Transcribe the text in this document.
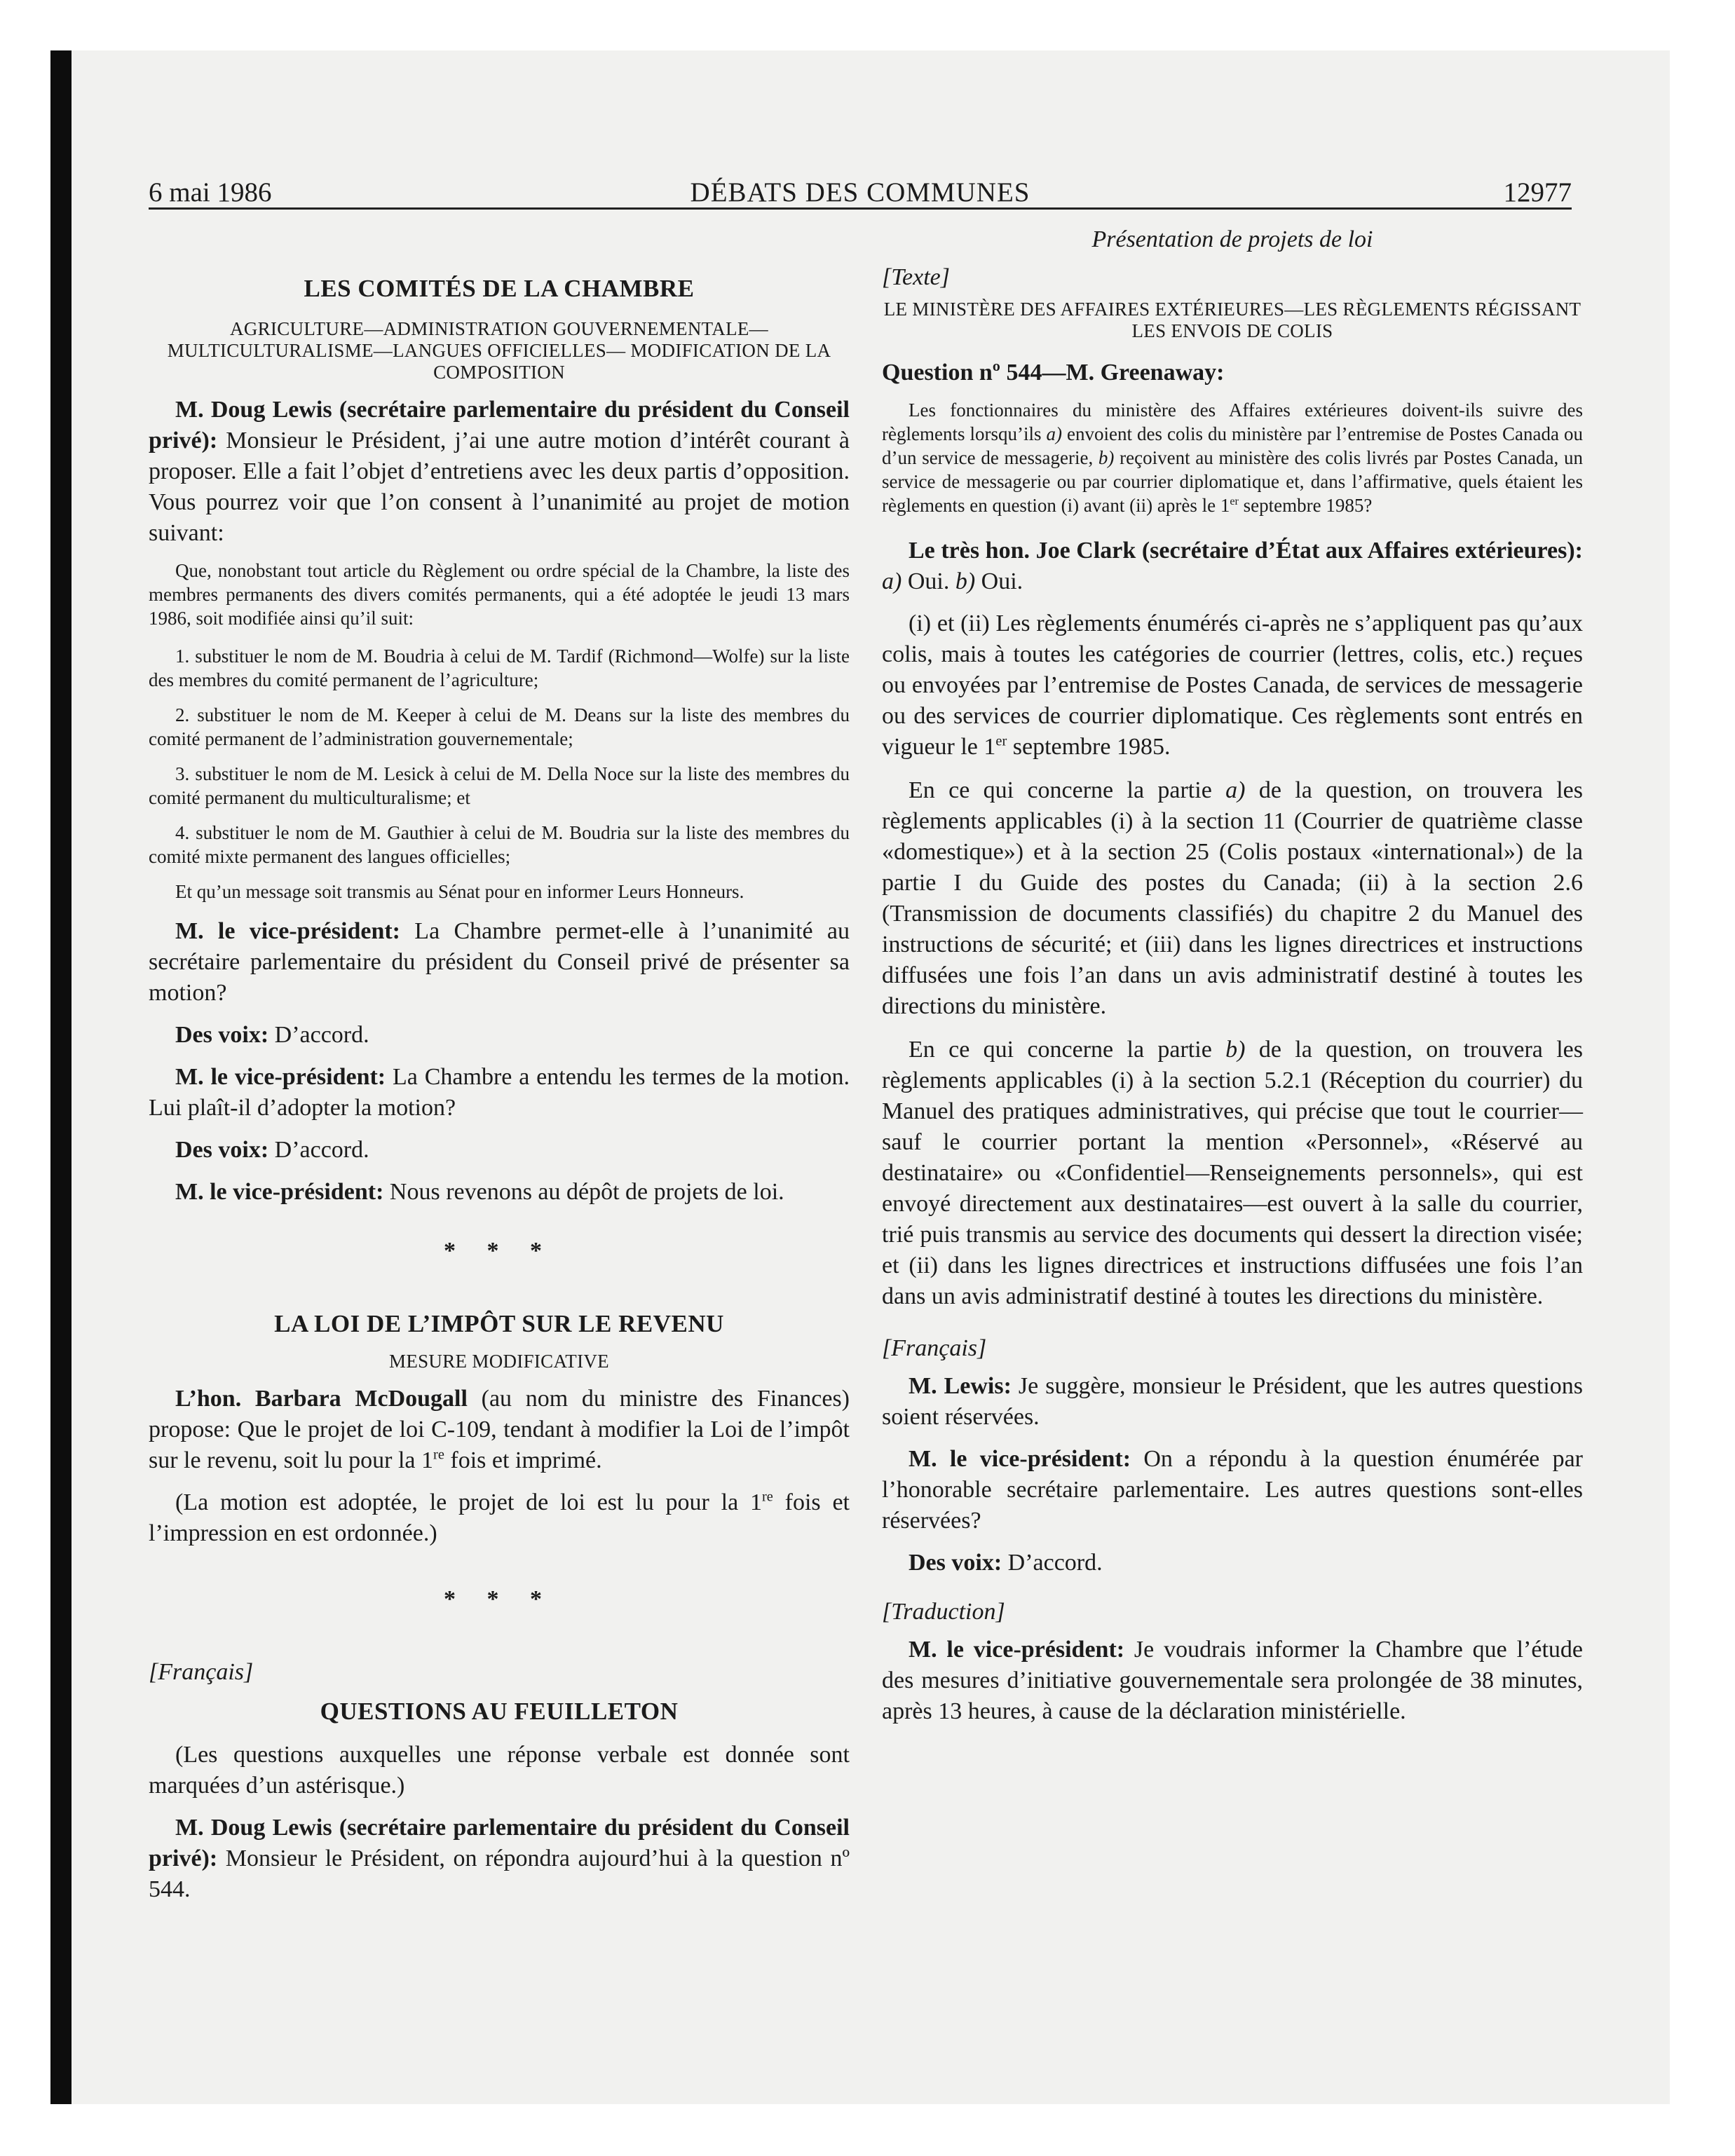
6 mai 1986	DÉBATS DES COMMUNES	12977
LES COMITÉS DE LA CHAMBRE
AGRICULTURE—ADMINISTRATION GOUVERNEMENTALE— MULTICULTURALISME—LANGUES OFFICIELLES— MODIFICATION DE LA COMPOSITION

M. Doug Lewis (secrétaire parlementaire du président du Conseil privé): Monsieur le Président, j’ai une autre motion d’intérêt courant à proposer. Elle a fait l’objet d’entretiens avec les deux partis d’opposition. Vous pourrez voir que l’on consent à l’unanimité au projet de motion suivant:

Que, nonobstant tout article du Règlement ou ordre spécial de la Chambre, la liste des membres permanents des divers comités permanents, qui a été adoptée le jeudi 13 mars 1986, soit modifiée ainsi qu’il suit:

1. substituer le nom de M. Boudria à celui de M. Tardif (Richmond—Wolfe) sur la liste des membres du comité permanent de l’agriculture;

2. substituer le nom de M. Keeper à celui de M. Deans sur la liste des membres du comité permanent de l’administration gouvernementale;

3. substituer le nom de M. Lesick à celui de M. Della Noce sur la liste des membres du comité permanent du multiculturalisme; et

4. substituer le nom de M. Gauthier à celui de M. Boudria sur la liste des membres du comité mixte permanent des langues officielles;

Et qu’un message soit transmis au Sénat pour en informer Leurs Honneurs.

M. le vice-président: La Chambre permet-elle à l’unanimité au secrétaire parlementaire du président du Conseil privé de présenter sa motion?

Des voix: D’accord.

M. le vice-président: La Chambre a entendu les termes de la motion. Lui plaît-il d’adopter la motion?

Des voix: D’accord.

M. le vice-président: Nous revenons au dépôt de projets de loi.

* * *
LA LOI DE L’IMPÔT SUR LE REVENU
MESURE MODIFICATIVE

L’hon. Barbara McDougall (au nom du ministre des Finances) propose: Que le projet de loi C-109, tendant à modifier la Loi de l’impôt sur le revenu, soit lu pour la 1re fois et imprimé.

(La motion est adoptée, le projet de loi est lu pour la 1re fois et l’impression en est ordonnée.)

* * *
[Français]
QUESTIONS AU FEUILLETON

(Les questions auxquelles une réponse verbale est donnée sont marquées d’un astérisque.)

M. Doug Lewis (secrétaire parlementaire du président du Conseil privé): Monsieur le Président, on répondra aujourd’hui à la question nº 544.

Présentation de projets de loi
[Texte]
LE MINISTÈRE DES AFFAIRES EXTÉRIEURES—LES RÈGLEMENTS RÉGISSANT LES ENVOIS DE COLIS

Question nº 544—M. Greenaway:

Les fonctionnaires du ministère des Affaires extérieures doivent-ils suivre des règlements lorsqu’ils a) envoient des colis du ministère par l’entremise de Postes Canada ou d’un service de messagerie, b) reçoivent au ministère des colis livrés par Postes Canada, un service de messagerie ou par courrier diplomatique et, dans l’affirmative, quels étaient les règlements en question (i) avant (ii) après le 1er septembre 1985?

Le très hon. Joe Clark (secrétaire d’État aux Affaires extérieures): a) Oui. b) Oui.

(i) et (ii) Les règlements énumérés ci-après ne s’appliquent pas qu’aux colis, mais à toutes les catégories de courrier (lettres, colis, etc.) reçues ou envoyées par l’entremise de Postes Canada, de services de messagerie ou des services de courrier diplomatique. Ces règlements sont entrés en vigueur le 1er septembre 1985.

En ce qui concerne la partie a) de la question, on trouvera les règlements applicables (i) à la section 11 (Courrier de quatrième classe «domestique») et à la section 25 (Colis postaux «international») de la partie I du Guide des postes du Canada; (ii) à la section 2.6 (Transmission de documents classifiés) du chapitre 2 du Manuel des instructions de sécurité; et (iii) dans les lignes directrices et instructions diffusées une fois l’an dans un avis administratif destiné à toutes les directions du ministère.

En ce qui concerne la partie b) de la question, on trouvera les règlements applicables (i) à la section 5.2.1 (Réception du courrier) du Manuel des pratiques administratives, qui précise que tout le courrier—sauf le courrier portant la mention «Personnel», «Réservé au destinataire» ou «Confidentiel—Renseignements personnels», qui est envoyé directement aux destinataires—est ouvert à la salle du courrier, trié puis transmis au service des documents qui dessert la direction visée; et (ii) dans les lignes directrices et instructions diffusées une fois l’an dans un avis administratif destiné à toutes les directions du ministère.

[Français]

M. Lewis: Je suggère, monsieur le Président, que les autres questions soient réservées.

M. le vice-président: On a répondu à la question énumérée par l’honorable secrétaire parlementaire. Les autres questions sont-elles réservées?

Des voix: D’accord.

[Traduction]

M. le vice-président: Je voudrais informer la Chambre que l’étude des mesures d’initiative gouvernementale sera prolongée de 38 minutes, après 13 heures, à cause de la déclaration ministérielle.
